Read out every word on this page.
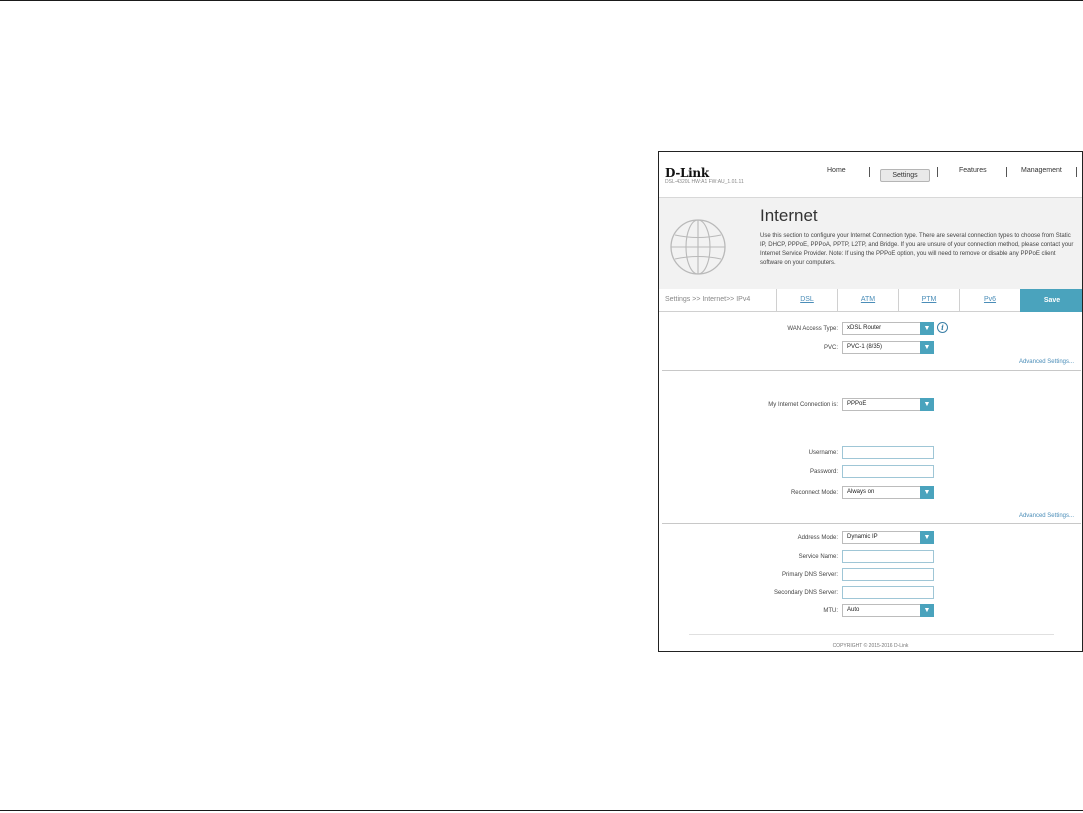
D-Link
DSL-4320L HW:A1 FW:AU_1.01.11
Home
Settings
Features	Management
Internet
Use this section to configure your Internet Connection type. There are several connection types to choose from Static IP, DHCP, PPPoE, PPPoA, PPTP, L2TP, and Bridge. If you are unsure of your connection method, please contact your Internet Service Provider. Note: If using the PPPoE option, you will need to remove or disable any PPPoE client software on your computers.
Settings >> Internet>> IPv4	DSL	ATM	PTM	Pv6	Save
WAN Access Type:	xDSL Router	▼	i
PVC:	PVC-1 (8/35)	▼
Advanced Settings...
My Internet Connection is:	PPPoE	▼
Username:
Password:
Reconnect Mode:	Always on	▼
Advanced Settings...
Address Mode:	Dynamic IP	▼
Service Name:
Primary DNS Server:
Secondary DNS Server:
MTU:	Auto	▼
COPYRIGHT © 2015-2016 D-Link
